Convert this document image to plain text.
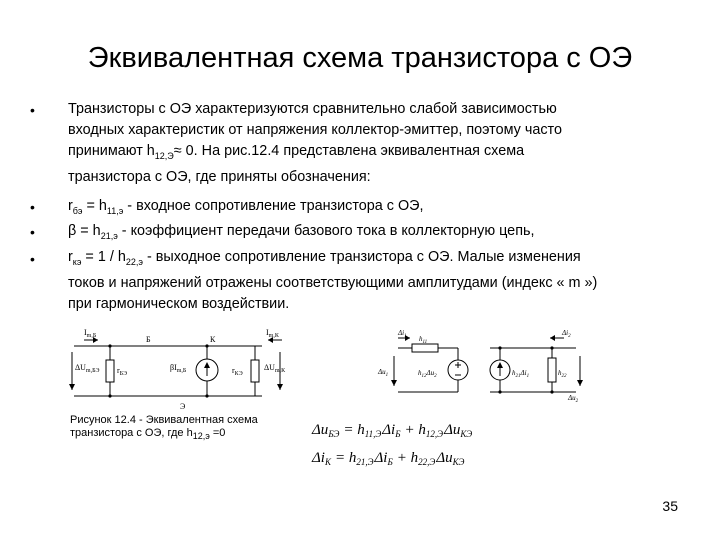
Эквивалентная схема транзистора с ОЭ
• Транзисторы с ОЭ характеризуются сравнительно слабой зависимостью
входных характеристик от напряжения коллектор-эмиттер, поэтому часто
принимают $h_{12,Э}\approx 0$. На рис.12.4 представлена эквивалентная схема
транзистора с ОЭ, где приняты обозначения:
• $r_{бэ} = h_{11,э}$ - входное сопротивление транзистора с ОЭ,
• $\beta = h_{21,э}$ - коэффициент передачи базового тока в коллекторную цепь,
• $r_{кэ} = 1 / h_{22,э}$ - выходное сопротивление транзистора с ОЭ. Малые изменения
токов и напряжений отражены соответствующими амплитудами (индекс « m »)
при гармоническом воздействии.
$I_{m,Б}$	$I_{m,К}$
Б	К
Э
$\Delta U_{m,БЭ}$ $r_{БЭ}$
$\beta I_{m,Б}$	$r_{КЭ}$
$\Delta U_{m,К}$
$\Delta i_1$ $h_{11}$
$\Delta u_1$	$h_{12}\Delta u_2$	$h_{21}\Delta i_1$	$h_{22}$
$\Delta i_2$
$\Delta u_2$
Рисунок 12.4 - Эквивалентная схема
транзистора с ОЭ, где $h_{12,э} =0$	$\Delta u_{БЭ} = h_{11,Э}\Delta i_Б + h_{12,Э}\Delta u_{КЭ}$
$\Delta i_К = h_{21,Э}\Delta i_Б + h_{22,Э}\Delta u_{КЭ}$
35
